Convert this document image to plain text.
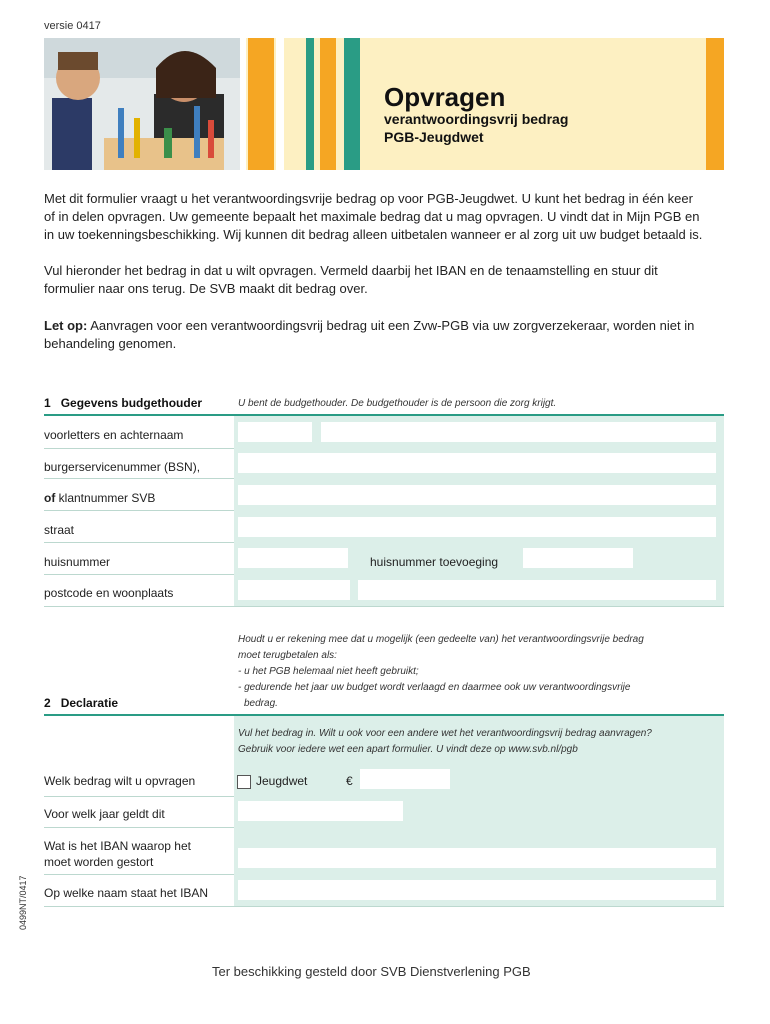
versie 0417
Opvragen
verantwoordingsvrij bedrag
PGB-Jeugdwet
Met dit formulier vraagt u het verantwoordingsvrije bedrag op voor PGB-Jeugdwet. U kunt het bedrag in één keer
of in delen opvragen. Uw gemeente bepaalt het maximale bedrag dat u mag opvragen. U vindt dat in Mijn PGB en
in uw toekenningsbeschikking. Wij kunnen dit bedrag alleen uitbetalen wanneer er al zorg uit uw budget betaald is.
Vul hieronder het bedrag in dat u wilt opvragen. Vermeld daarbij het IBAN en de tenaamstelling en stuur dit
formulier naar ons terug. De SVB maakt dit bedrag over.
Let op: Aanvragen voor een verantwoordingsvrij bedrag uit een Zvw-PGB via uw zorgverzekeraar, worden niet in
behandeling genomen.
1 Gegevens budgethouder	U bent de budgethouder. De budgethouder is de persoon die zorg krijgt.
voorletters en achternaam
burgerservicenummer (BSN),
of klantnummer SVB
straat
huisnummer	huisnummer toevoeging
postcode en woonplaats
Houdt u er rekening mee dat u mogelijk (een gedeelte van) het verantwoordingsvrije bedrag
moet terugbetalen als:
- u het PGB helemaal niet heeft gebruikt;
- gedurende het jaar uw budget wordt verlaagd en daarmee ook uw verantwoordingsvrije
bedrag.
2 Declaratie
Vul het bedrag in. Wilt u ook voor een andere wet het verantwoordingsvrij bedrag aanvragen?
Gebruik voor iedere wet een apart formulier. U vindt deze op www.svb.nl/pgb
Welk bedrag wilt u opvragen	Jeugdwet	€
Voor welk jaar geldt dit
Wat is het IBAN waarop het
moet worden gestort
Op welke naam staat het IBAN
0499NT/0417
Ter beschikking gesteld door SVB Dienstverlening PGB
